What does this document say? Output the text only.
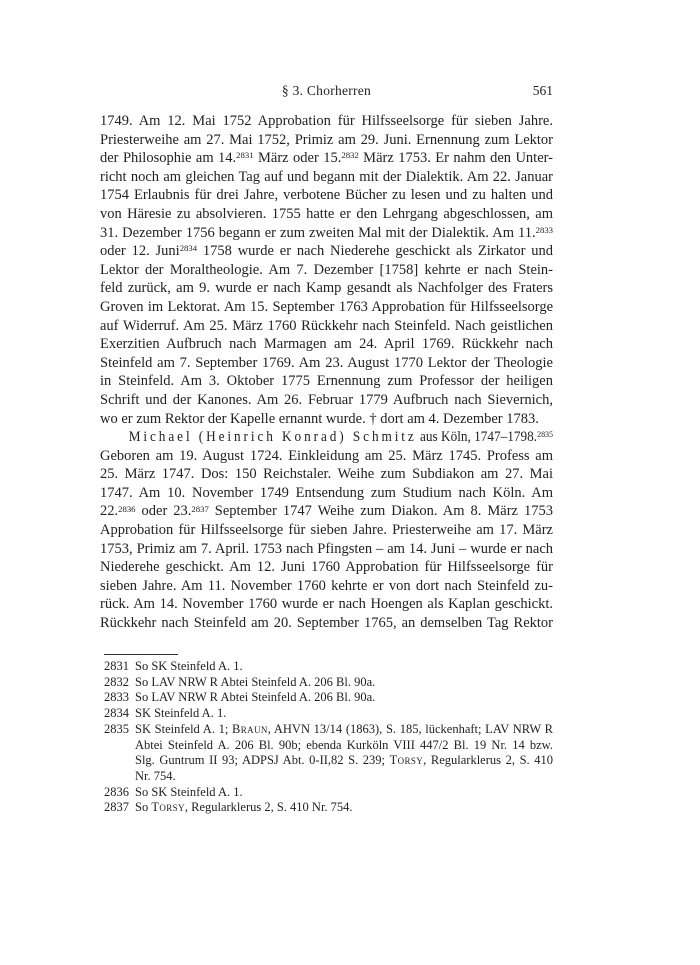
§ 3. Chorherren	561
1749. Am 12. Mai 1752 Approbation für Hilfsseelsorge für sieben Jahre.
Priesterweihe am 27. Mai 1752, Primiz am 29. Juni. Ernennung zum Lektor
der Philosophie am 14.$^{2831}$ März oder 15.$^{2832}$ März 1753. Er nahm den Unter-
richt noch am gleichen Tag auf und begann mit der Dialektik. Am 22. Januar
1754 Erlaubnis für drei Jahre, verbotene Bücher zu lesen und zu halten und
von Häresie zu absolvieren. 1755 hatte er den Lehrgang abgeschlossen, am
31. Dezember 1756 begann er zum zweiten Mal mit der Dialektik. Am 11.$^{2833}$
oder 12. Juni$^{2834}$ 1758 wurde er nach Niederehe geschickt als Zirkator und
Lektor der Moraltheologie. Am 7. Dezember [1758] kehrte er nach Stein-
feld zurück, am 9. wurde er nach Kamp gesandt als Nachfolger des Fraters
Groven im Lektorat. Am 15. September 1763 Approbation für Hilfsseelsorge
auf Widerruf. Am 25. März 1760 Rückkehr nach Steinfeld. Nach geistlichen
Exerzitien Aufbruch nach Marmagen am 24. April 1769. Rückkehr nach
Steinfeld am 7. September 1769. Am 23. August 1770 Lektor der Theologie
in Steinfeld. Am 3. Oktober 1775 Ernennung zum Professor der heiligen
Schrift und der Kanones. Am 26. Februar 1779 Aufbruch nach Sievernich,
wo er zum Rektor der Kapelle ernannt wurde. † dort am 4. Dezember 1783.
Michael (Heinrich Konrad) Schmitz aus Köln, 1747–1798.$^{2835}$
Geboren am 19. August 1724. Einkleidung am 25. März 1745. Profess am
25. März 1747. Dos: 150 Reichstaler. Weihe zum Subdiakon am 27. Mai
1747. Am 10. November 1749 Entsendung zum Studium nach Köln. Am
22.$^{2836}$ oder 23.$^{2837}$ September 1747 Weihe zum Diakon. Am 8. März 1753
Approbation für Hilfsseelsorge für sieben Jahre. Priesterweihe am 17. März
1753, Primiz am 7. April. 1753 nach Pfingsten – am 14. Juni – wurde er nach
Niederehe geschickt. Am 12. Juni 1760 Approbation für Hilfsseelsorge für
sieben Jahre. Am 11. November 1760 kehrte er von dort nach Steinfeld zu-
rück. Am 14. November 1760 wurde er nach Hoengen als Kaplan geschickt.
Rückkehr nach Steinfeld am 20. September 1765, an demselben Tag Rektor
2831 So SK Steinfeld A. 1.
2832 So LAV NRW R Abtei Steinfeld A. 206 Bl. 90a.
2833 So LAV NRW R Abtei Steinfeld A. 206 Bl. 90a.
2834 SK Steinfeld A. 1.
2835 SK Steinfeld A. 1; Braun, AHVN 13/14 (1863), S. 185, lückenhaft; LAV NRW R
Abtei Steinfeld A. 206 Bl. 90b; ebenda Kurköln VIII 447/2 Bl. 19 Nr. 14 bzw.
Slg. Guntrum II 93; ADPSJ Abt. 0-II,82 S. 239; Torsy, Regularklerus 2, S. 410
Nr. 754.
2836 So SK Steinfeld A. 1.
2837 So Torsy, Regularklerus 2, S. 410 Nr. 754.
